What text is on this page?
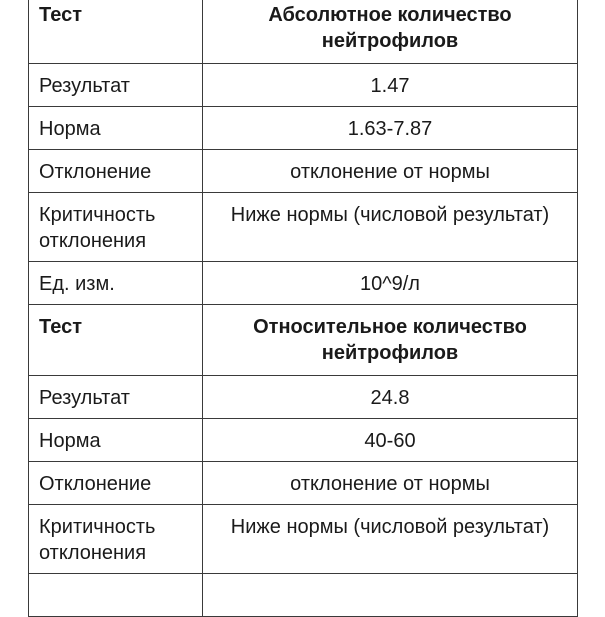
Тест	Абсолютное количество нейтрофилов
Результат	1.47
Норма	1.63-7.87
Отклонение	отклонение от нормы
Критичность отклонения	Ниже нормы (числовой результат)
Ед. изм.	10^9/л
Тест	Относительное количество нейтрофилов
Результат	24.8
Норма	40-60
Отклонение	отклонение от нормы
Критичность отклонения	Ниже нормы (числовой результат)
